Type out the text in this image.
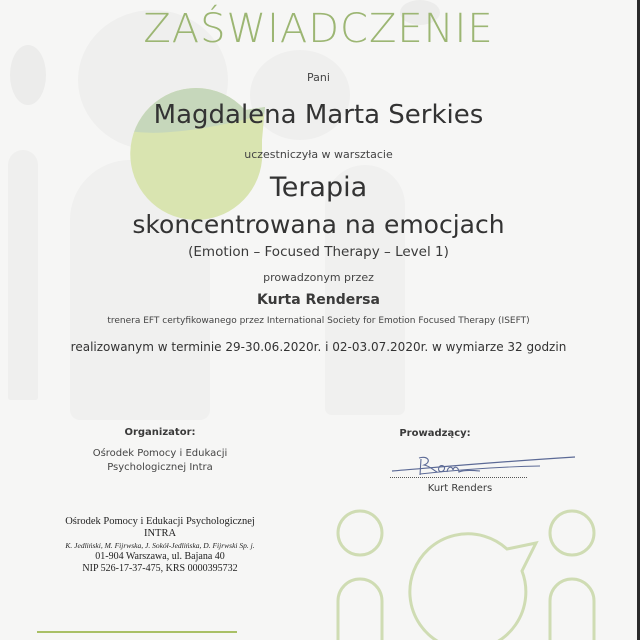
ZAŚWIADCZENIE
Pani
Magdalena Marta Serkies
uczestniczyła w warsztacie
Terapia
skoncentrowana na emocjach
(Emotion – Focused Therapy – Level 1)
prowadzonym przez
Kurta Rendersa
trenera EFT certyfikowanego przez International Society for Emotion Focused Therapy (ISEFT)
realizowanym w terminie 29-30.06.2020r. i 02-03.07.2020r. w wymiarze 32 godzin
Organizator:
Ośrodek Pomocy i Edukacji
Psychologicznej Intra
Prowadzący:
Kurt Renders
Ośrodek Pomocy i Edukacji Psychologicznej
INTRA
K. Jedliński, M. Fijrwska, J. Sokół-Jedlińska, D. Fijrwski Sp. j.
01-904 Warszawa, ul. Bajana 40
NIP 526-17-37-475, KRS 0000395732
